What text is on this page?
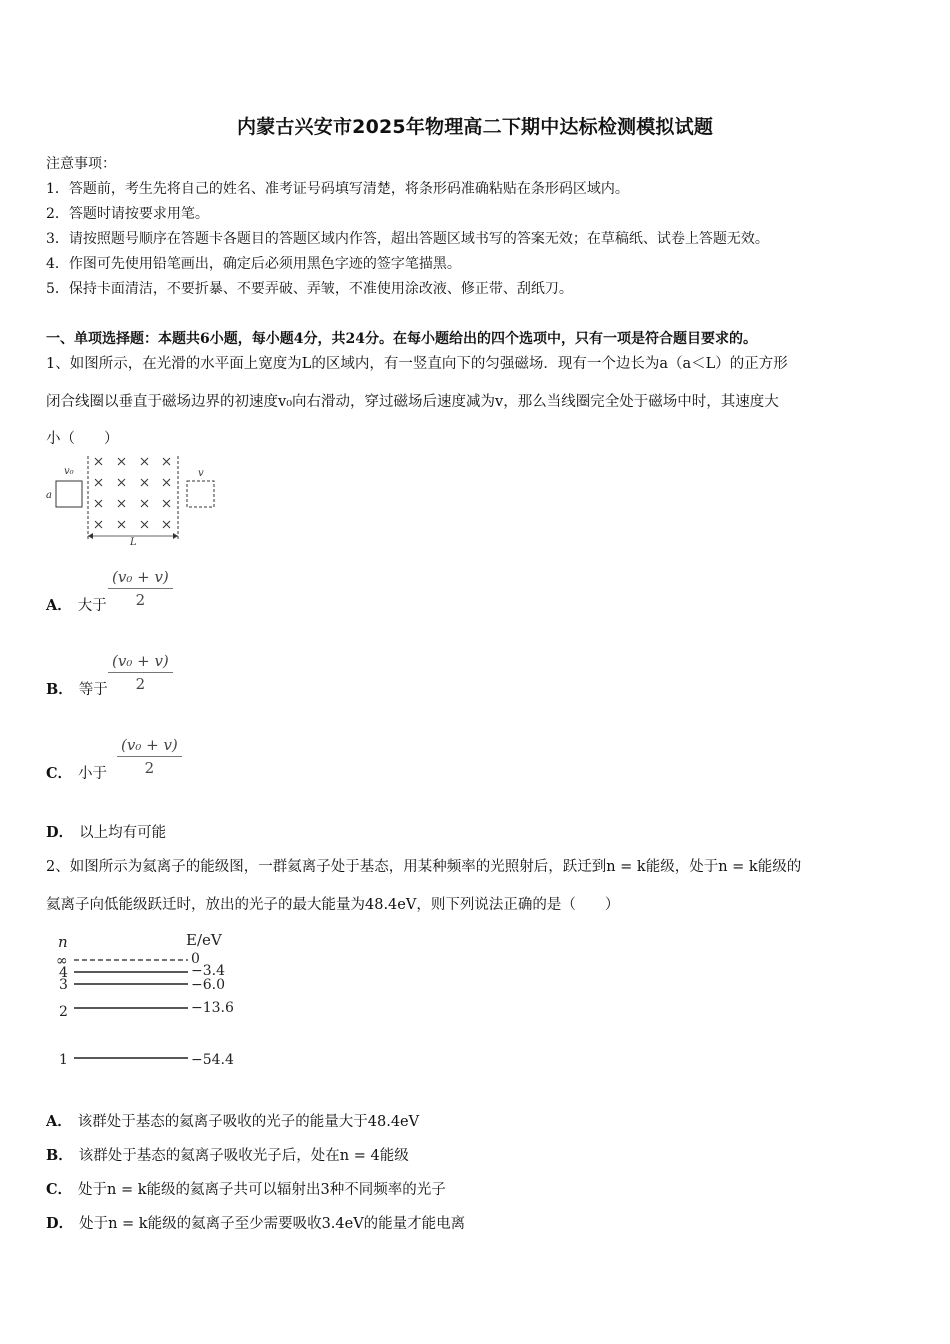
内蒙古兴安市2025年物理高二下期中达标检测模拟试题
注意事项：
1．答题前，考生先将自己的姓名、准考证号码填写清楚，将条形码准确粘贴在条形码区域内。
2．答题时请按要求用笔。
3．请按照题号顺序在答题卡各题目的答题区域内作答，超出答题区域书写的答案无效；在草稿纸、试卷上答题无效。
4．作图可先使用铅笔画出，确定后必须用黑色字迹的签字笔描黑。
5．保持卡面清洁，不要折暴、不要弄破、弄皱，不准使用涂改液、修正带、刮纸刀。
一、单项选择题：本题共6小题，每小题4分，共24分。在每小题给出的四个选项中，只有一项是符合题目要求的。
1、如图所示，在光滑的水平面上宽度为L的区域内，有一竖直向下的匀强磁场．现有一个边长为a（a＜L）的正方形
闭合线圈以垂直于磁场边界的初速度v₀向右滑动，穿过磁场后速度减为v，那么当线圈完全处于磁场中时，其速度大
小（　　）
v₀	v
a
L
A． 大于
(v₀ + v)
2
B． 等于
(v₀ + v)
2
C． 小于
(v₀ + v)
2
D． 以上均有可能
2、如图所示为氦离子的能级图，一群氦离子处于基态，用某种频率的光照射后，跃迁到n = k能级，处于n = k能级的
氦离子向低能级跃迁时，放出的光子的最大能量为48.4eV，则下列说法正确的是（　　）
n	E/eV
∞
4
3
2
1
0
−3.4
−6.0
−13.6
−54.4
A． 该群处于基态的氦离子吸收的光子的能量大于48.4eV
B． 该群处于基态的氦离子吸收光子后，处在n = 4能级
C． 处于n = k能级的氦离子共可以辐射出3种不同频率的光子
D． 处于n = k能级的氦离子至少需要吸收3.4eV的能量才能电离
